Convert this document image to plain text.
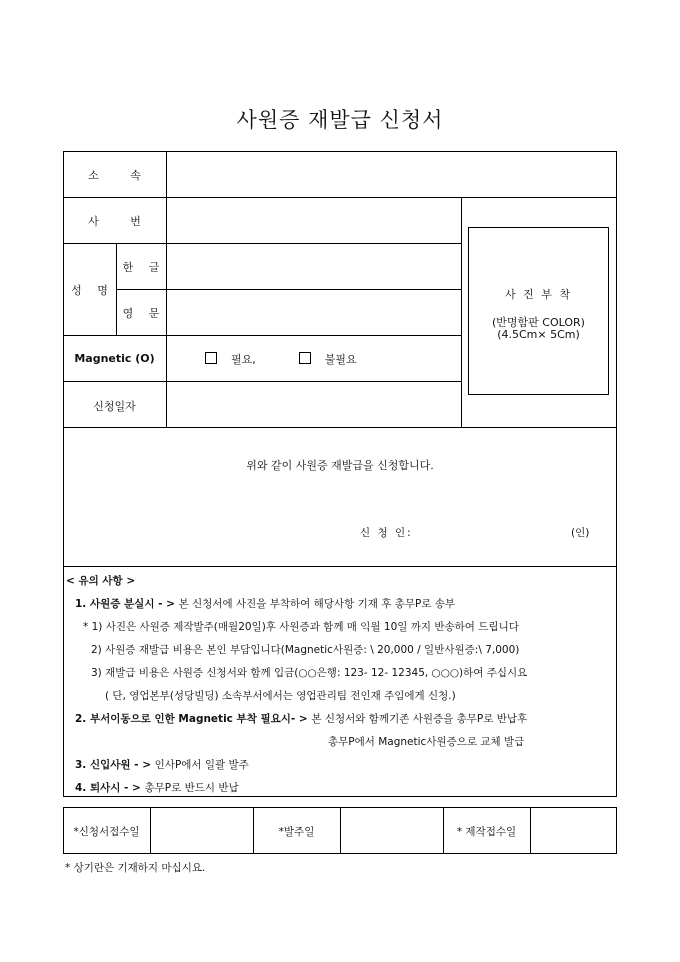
사원증 재발급 신청서
소 속
사 번
성 명
한 글
영 문
Magnetic (O)	필요,	불필요
신청일자
사 진 부 착
(반명함판 COLOR)
(4.5Cm× 5Cm)
위와 같이 사원증 재발급을 신청합니다.
신 청 인:	(인)
< 유의 사항 >
1. 사원증 분실시 - > 본 신청서에 사진을 부착하여 해당사항 기재 후 총무P로 송부
* 1) 사진은 사원증 제작발주(매월20일)후 사원증과 함께 매 익월 10일 까지 반송하여 드립니다
2) 사원증 재발급 비용은 본인 부담입니다(Magnetic사원증: \ 20,000 / 일반사원증:\ 7,000)
3) 재발급 비용은 사원증 신청서와 함께 입금(○○은행: 123- 12- 12345, ○○○)하여 주십시요
( 단, 영업본부(성당빌딩) 소속부서에서는 영업관리팀 전인재 주임에게 신청.)
2. 부서이동으로 인한 Magnetic 부착 필요시- > 본 신청서와 함께기존 사원증을 총무P로 반납후
총무P에서 Magnetic사원증으로 교체 발급
3. 신입사원 - > 인사P에서 일괄 발주
4. 퇴사시 - > 총무P로 반드시 반납
*신청서접수일	*발주일	* 제작접수일
* 상기란은 기재하지 마십시요.
